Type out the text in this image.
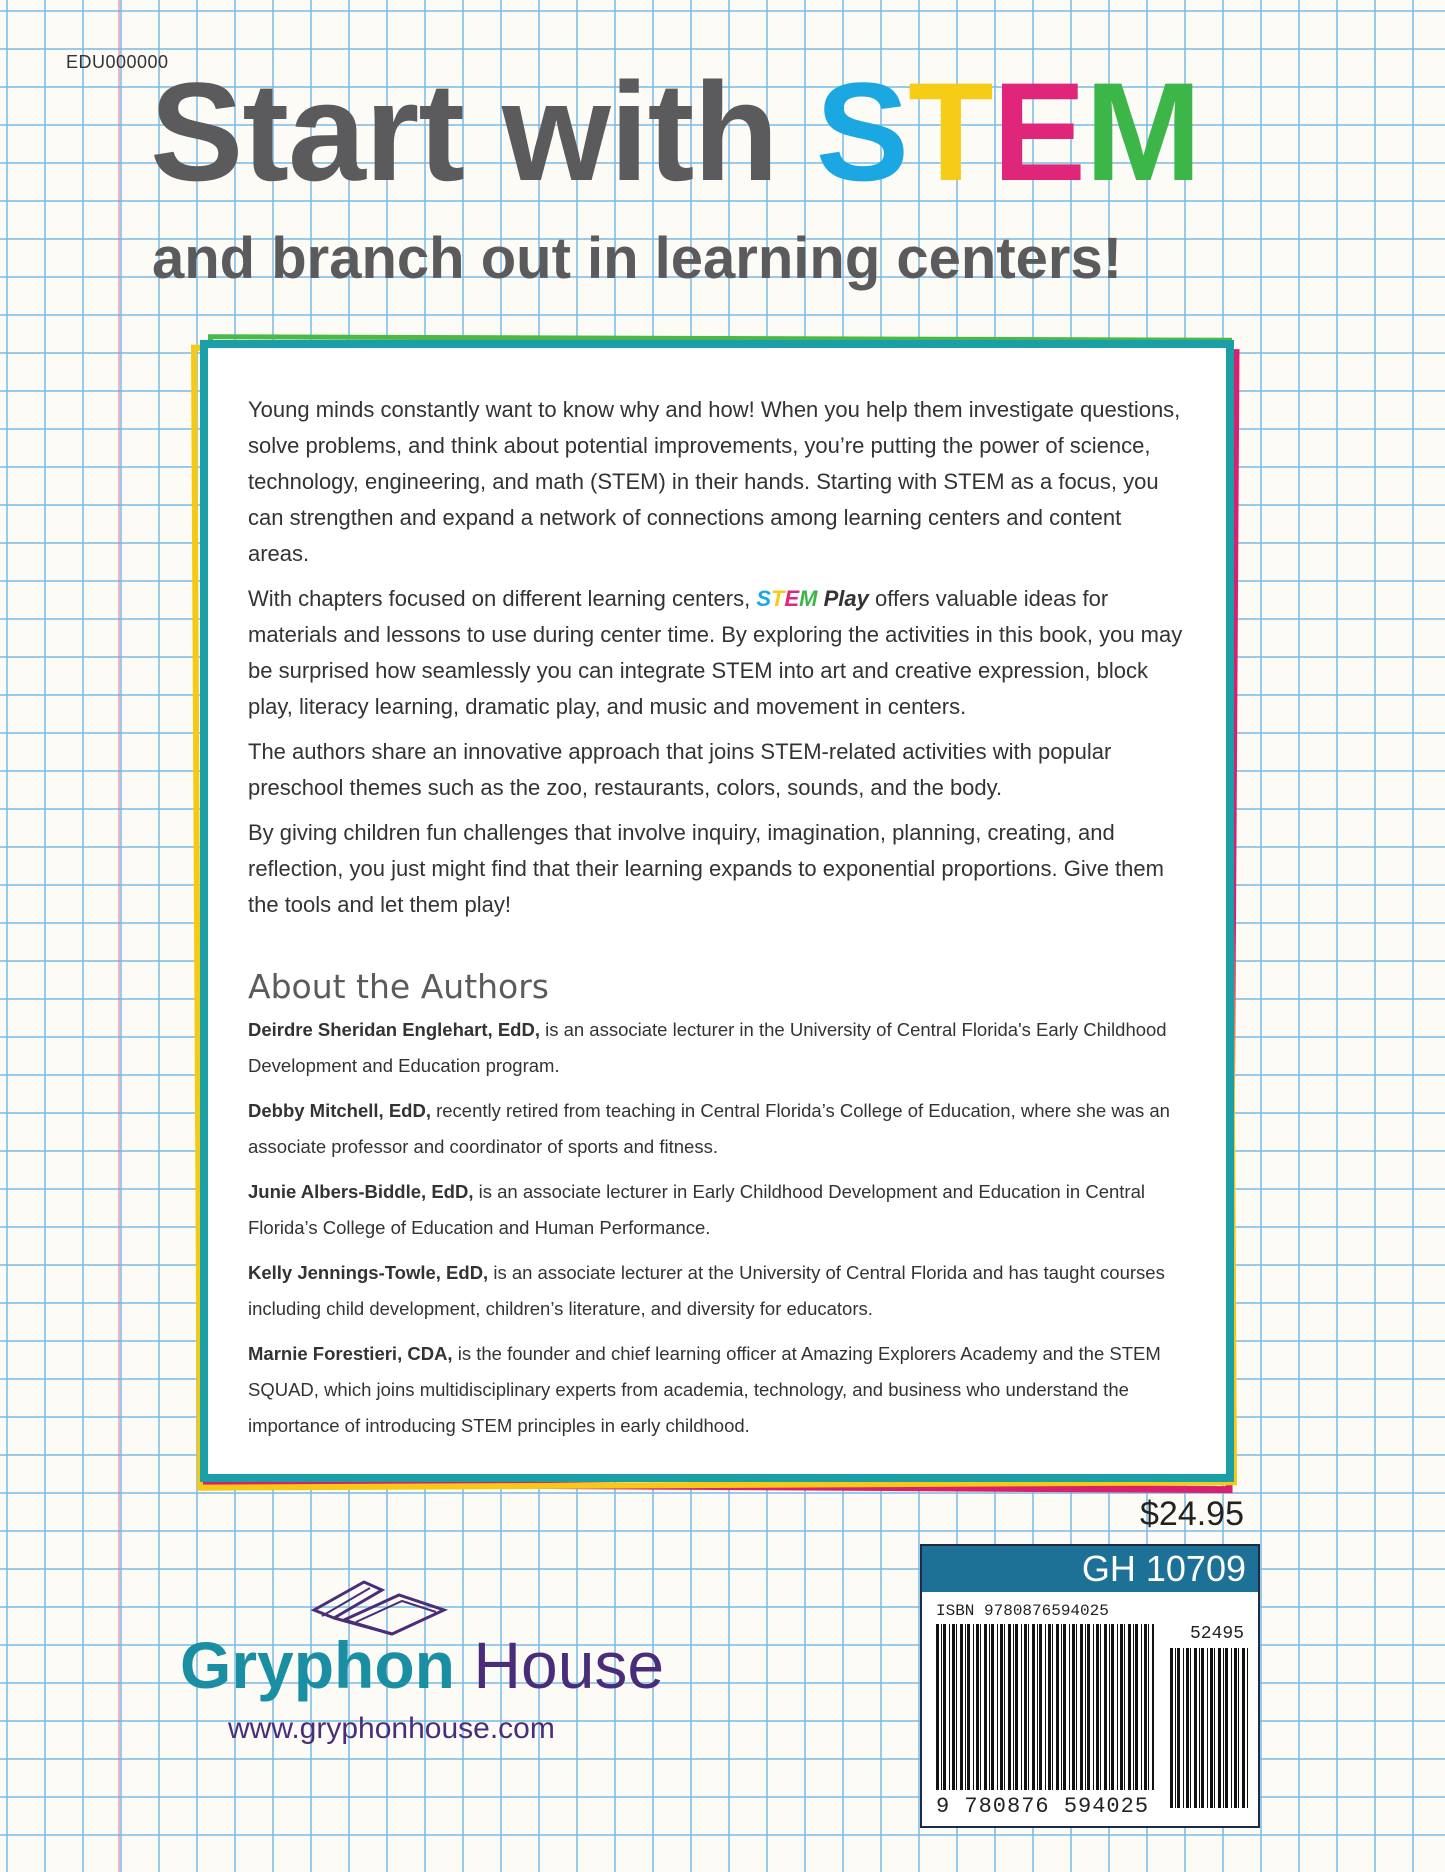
EDU000000
Start with STEM
and branch out in learning centers!

Young minds constantly want to know why and how! When you help them investigate questions, solve problems, and think about potential improvements, you’re putting the power of science, technology, engineering, and math (STEM) in their hands. Starting with STEM as a focus, you can strengthen and expand a network of connections among learning centers and content areas.

With chapters focused on different learning centers, STEM Play offers valuable ideas for materials and lessons to use during center time. By exploring the activities in this book, you may be surprised how seamlessly you can integrate STEM into art and creative expression, block play, literacy learning, dramatic play, and music and movement in centers.

The authors share an innovative approach that joins STEM-related activities with popular preschool themes such as the zoo, restaurants, colors, sounds, and the body.

By giving children fun challenges that involve inquiry, imagination, planning, creating, and reflection, you just might find that their learning expands to exponential proportions. Give them the tools and let them play!

About the Authors

Deirdre Sheridan Englehart, EdD, is an associate lecturer in the University of Central Florida's Early Childhood Development and Education program.

Debby Mitchell, EdD, recently retired from teaching in Central Florida’s College of Education, where she was an associate professor and coordinator of sports and fitness.

Junie Albers-Biddle, EdD, is an associate lecturer in Early Childhood Development and Education in Central Florida’s College of Education and Human Performance.

Kelly Jennings-Towle, EdD, is an associate lecturer at the University of Central Florida and has taught courses including child development, children’s literature, and diversity for educators.

Marnie Forestieri, CDA, is the founder and chief learning officer at Amazing Explorers Academy and the STEM SQUAD, which joins multidisciplinary experts from academia, technology, and business who understand the importance of introducing STEM principles in early childhood.

$24.95
GH 10709
ISBN 9780876594025
52495
9 780876 594025
Gryphon House
www.gryphonhouse.com
